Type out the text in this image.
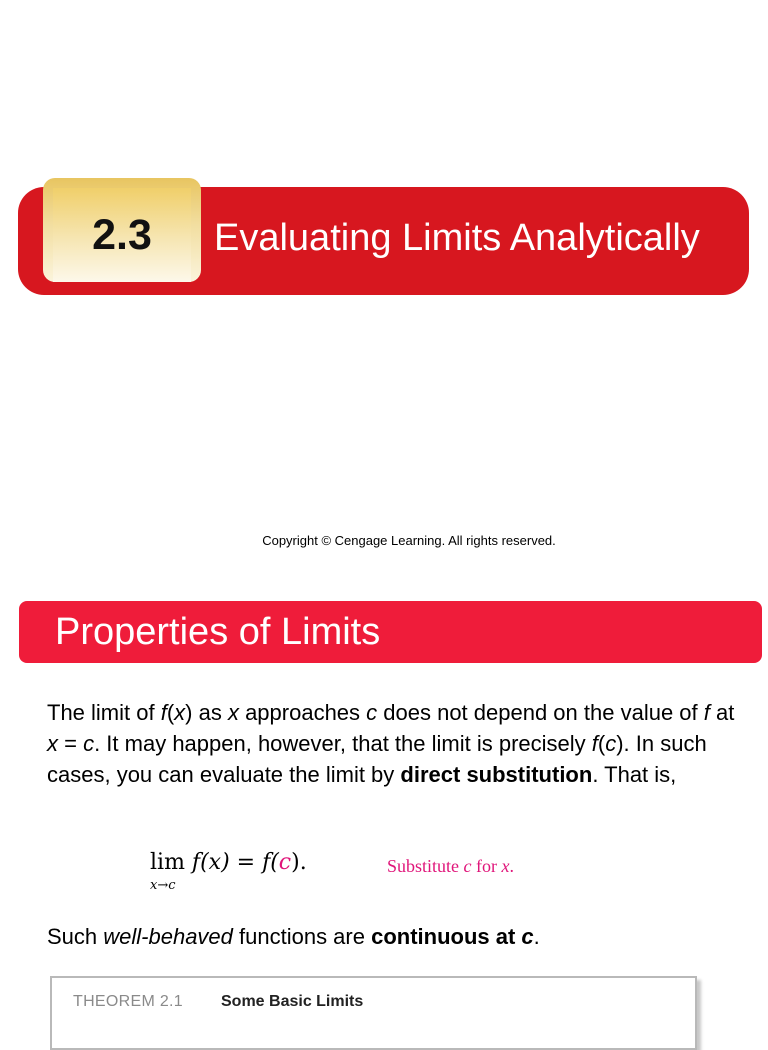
2.3	Evaluating Limits Analytically
Copyright © Cengage Learning. All rights reserved.
Properties of Limits
The limit of f(x) as x approaches c does not depend on the value of f at x = c. It may happen, however, that the limit is precisely f(c). In such cases, you can evaluate the limit by direct substitution. That is,
lim f(x) = f(c).
x→c
Substitute c for x.
Such well-behaved functions are continuous at c.
THEOREM 2.1 Some Basic Limits
